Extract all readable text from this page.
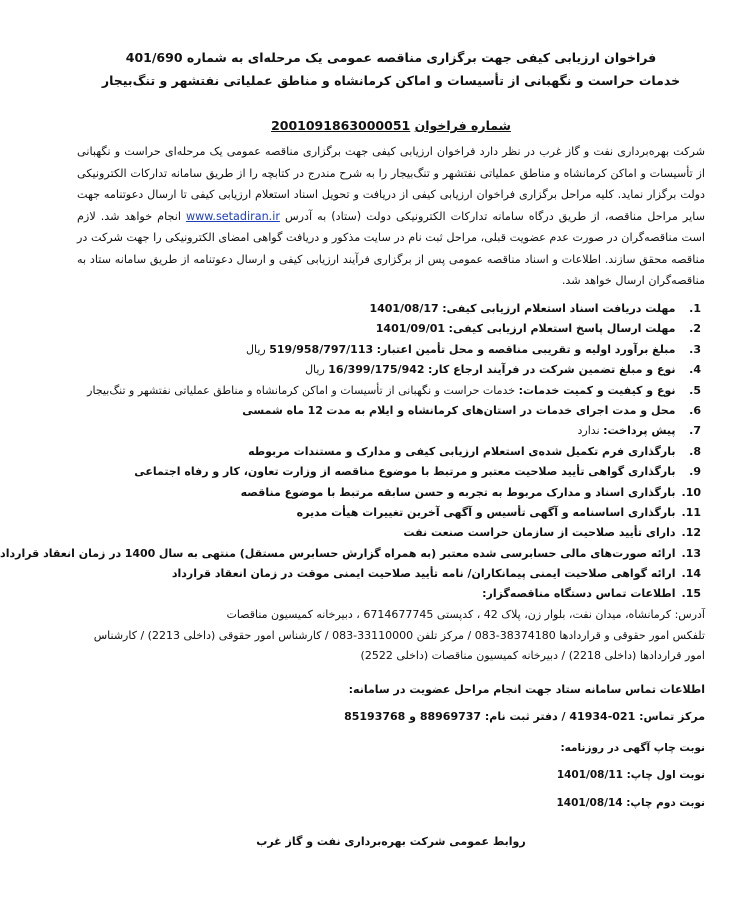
فراخوان ارزیابی کیفی جهت برگزاری مناقصه عمومی یک مرحله‌ای به شماره 401/690

خدمات حراست و نگهبانی از تأسیسات و اماکن کرمانشاه و مناطق عملیاتی نفتشهر و تنگ‌بیجار

شماره فراخوان 2001091863000051

شرکت بهره‌برداری نفت و گاز غرب در نظر دارد فراخوان ارزیابی کیفی جهت برگزاری مناقصه عمومی یک مرحله‌ای حراست و نگهبانی از تأسیسات و اماکن کرمانشاه و مناطق عملیاتی نفتشهر و تنگ‌بیجار را به شرح مندرج در کتابچه را از طریق سامانه تدارکات الکترونیکی دولت برگزار نماید. کلیه مراحل برگزاری فراخوان ارزیابی کیفی از دریافت و تحویل اسناد استعلام ارزیابی کیفی تا ارسال دعوتنامه جهت سایر مراحل مناقصه، از طریق درگاه سامانه تدارکات الکترونیکی دولت (ستاد) به آدرس www.setadiran.ir انجام خواهد شد. لازم است مناقصه‌گران در صورت عدم عضویت قبلی، مراحل ثبت نام در سایت مذکور و دریافت گواهی امضای الکترونیکی را جهت شرکت در مناقصه محقق سازند. اطلاعات و اسناد مناقصه عمومی پس از برگزاری فرآیند ارزیابی کیفی و ارسال دعوتنامه از طریق سامانه ستاد به مناقصه‌گران ارسال خواهد شد.

1. مهلت دریافت اسناد استعلام ارزیابی کیفی: 1401/08/17
2. مهلت ارسال پاسخ استعلام ارزیابی کیفی: 1401/09/01
3. مبلغ برآورد اولیه و تقریبی مناقصه و محل تأمین اعتبار: 519/958/797/113 ریال
4. نوع و مبلغ تضمین شرکت در فرآیند ارجاع کار: 16/399/175/942 ریال
5. نوع و کیفیت و کمیت خدمات: خدمات حراست و نگهبانی از تأسیسات و اماکن کرمانشاه و مناطق عملیاتی نفتشهر و تنگ‌بیجار
6. محل و مدت اجرای خدمات در استان‌های کرمانشاه و ایلام به مدت 12 ماه شمسی
7. پیش پرداخت: ندارد
8. بارگذاری فرم تکمیل شده‌ی استعلام ارزیابی کیفی و مدارک و مستندات مربوطه
9. بارگذاری گواهی تأیید صلاحیت معتبر و مرتبط با موضوع مناقصه از وزارت تعاون، کار و رفاه اجتماعی
10. بارگذاری اسناد و مدارک مربوط به تجربه و حسن سابقه مرتبط با موضوع مناقصه
11. بارگذاری اساسنامه و آگهی تأسیس و آگهی آخرین تغییرات هیأت مدیره
12. دارای تأیید صلاحیت از سازمان حراست صنعت نفت
13. ارائه صورت‌های مالی حسابرسی شده معتبر (به همراه گزارش حسابرس مستقل) منتهی به سال 1400 در زمان انعقاد قرارداد
14. ارائه گواهی صلاحیت ایمنی پیمانکاران/ نامه تأیید صلاحیت ایمنی موقت در زمان انعقاد قرارداد
15. اطلاعات تماس دستگاه مناقصه‌گزار:

آدرس: کرمانشاه، میدان نفت، بلوار زن، پلاک 42 ، کدپستی 6714677745 ، دبیرخانه کمیسیون مناقصات
تلفکس امور حقوقی و قراردادها 38374180-083 / مرکز تلفن 33110000-083 / کارشناس امور حقوقی (داخلی 2213) / کارشناس
امور قراردادها (داخلی 2218) / دبیرخانه کمیسیون مناقصات (داخلی 2522)

اطلاعات تماس سامانه ستاد جهت انجام مراحل عضویت در سامانه:

مرکز تماس: 021-41934 / دفتر ثبت نام: 88969737 و 85193768

نوبت چاپ آگهی در روزنامه:

نوبت اول چاپ: 1401/08/11

نوبت دوم چاپ: 1401/08/14

روابط عمومی شرکت بهره‌برداری نفت و گاز غرب
